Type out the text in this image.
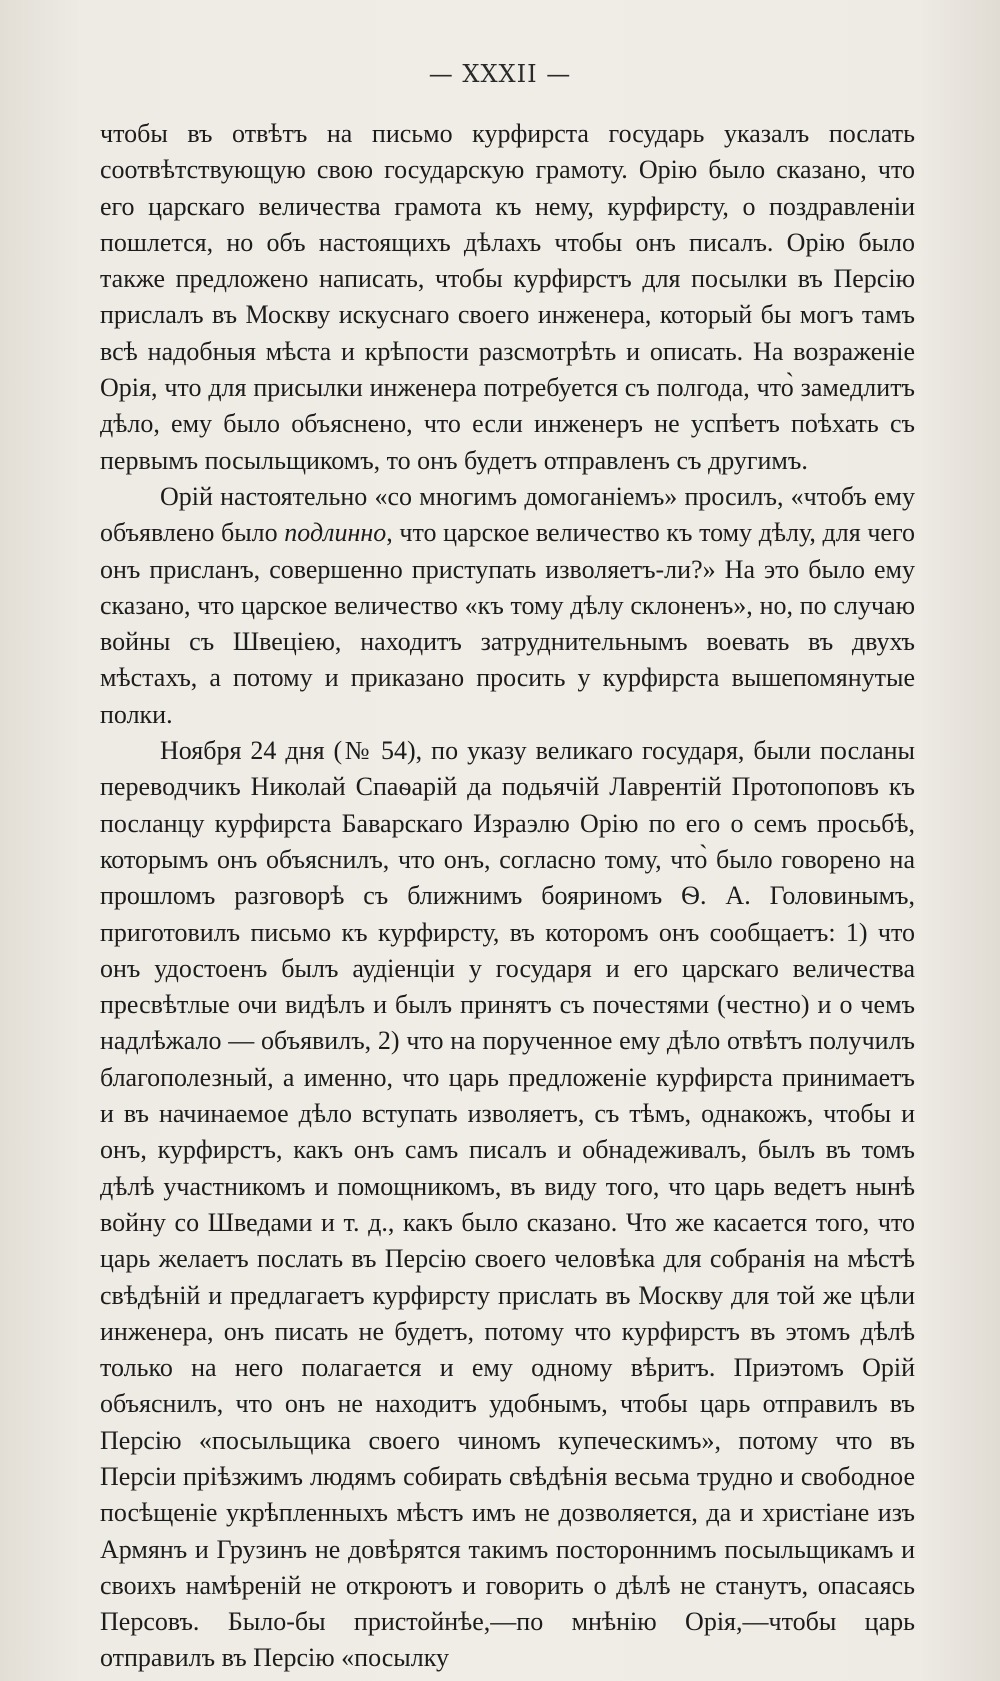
— XXXII —

чтобы въ отвѣтъ на письмо курфирста государь указалъ послать соотвѣтствующую свою государскую грамоту. Орію было сказано, что его царскаго величества грамота къ нему, курфирсту, о поздравленіи пошлется, но объ настоящихъ дѣлахъ чтобы онъ писалъ. Орію было также предложено написать, чтобы курфирстъ для посылки въ Персію прислалъ въ Москву искуснаго своего инженера, который бы могъ тамъ всѣ надобныя мѣста и крѣпости разсмотрѣть и описать. На возраженіе Орія, что для присылки инженера потребуется съ полгода, что̀ замедлитъ дѣло, ему было объяснено, что если инженеръ не успѣетъ поѣхать съ первымъ посыльщикомъ, то онъ будетъ отправленъ съ другимъ.

Орій настоятельно «со многимъ домоганіемъ» просилъ, «чтобъ ему объявлено было подлинно, что царское величество къ тому дѣлу, для чего онъ присланъ, совершенно приступать изволяетъ-ли?» На это было ему сказано, что царское величество «къ тому дѣлу склоненъ», но, по случаю войны съ Швеціею, находитъ затруднительнымъ воевать въ двухъ мѣстахъ, а потому и приказано просить у курфирста вышепомянутые полки.

Ноября 24 дня (№ 54), по указу великаго государя, были посланы переводчикъ Николай Спаѳарій да подьячій Лаврентій Протопоповъ къ посланцу курфирста Баварскаго Израэлю Орію по его о семъ просьбѣ, которымъ онъ объяснилъ, что онъ, согласно тому, что̀ было говорено на прошломъ разговорѣ съ ближнимъ бояриномъ Ѳ. А. Головинымъ, приготовилъ письмо къ курфирсту, въ которомъ онъ сообщаетъ: 1) что онъ удостоенъ былъ аудіенціи у государя и его царскаго величества пресвѣтлые очи видѣлъ и былъ принятъ съ почестями (честно) и о чемъ надлѣжало — объявилъ, 2) что на порученное ему дѣло отвѣтъ получилъ благополезный, а именно, что царь предложеніе курфирста принимаетъ и въ начинаемое дѣло вступать изволяетъ, съ тѣмъ, однакожъ, чтобы и онъ, курфирстъ, какъ онъ самъ писалъ и обнадеживалъ, былъ въ томъ дѣлѣ участникомъ и помощникомъ, въ виду того, что царь ведетъ нынѣ войну со Шведами и т. д., какъ было сказано. Что же касается того, что царь желаетъ послать въ Персію своего человѣка для собранія на мѣстѣ свѣдѣній и предлагаетъ курфирсту прислать въ Москву для той же цѣли инженера, онъ писать не будетъ, потому что курфирстъ въ этомъ дѣлѣ только на него полагается и ему одному вѣритъ. Приэтомъ Орій объяснилъ, что онъ не находитъ удобнымъ, чтобы царь отправилъ въ Персію «посыльщика своего чиномъ купеческимъ», потому что въ Персіи пріѣзжимъ людямъ собирать свѣдѣнія весьма трудно и свободное посѣщеніе укрѣпленныхъ мѣстъ имъ не дозволяется, да и христіане изъ Армянъ и Грузинъ не довѣрятся такимъ постороннимъ посыльщикамъ и своихъ намѣреній не откроютъ и говорить о дѣлѣ не станутъ, опасаясь Персовъ. Было-бы пристойнѣе,—по мнѣнію Орія,—чтобы царь отправилъ въ Персію «посылку
